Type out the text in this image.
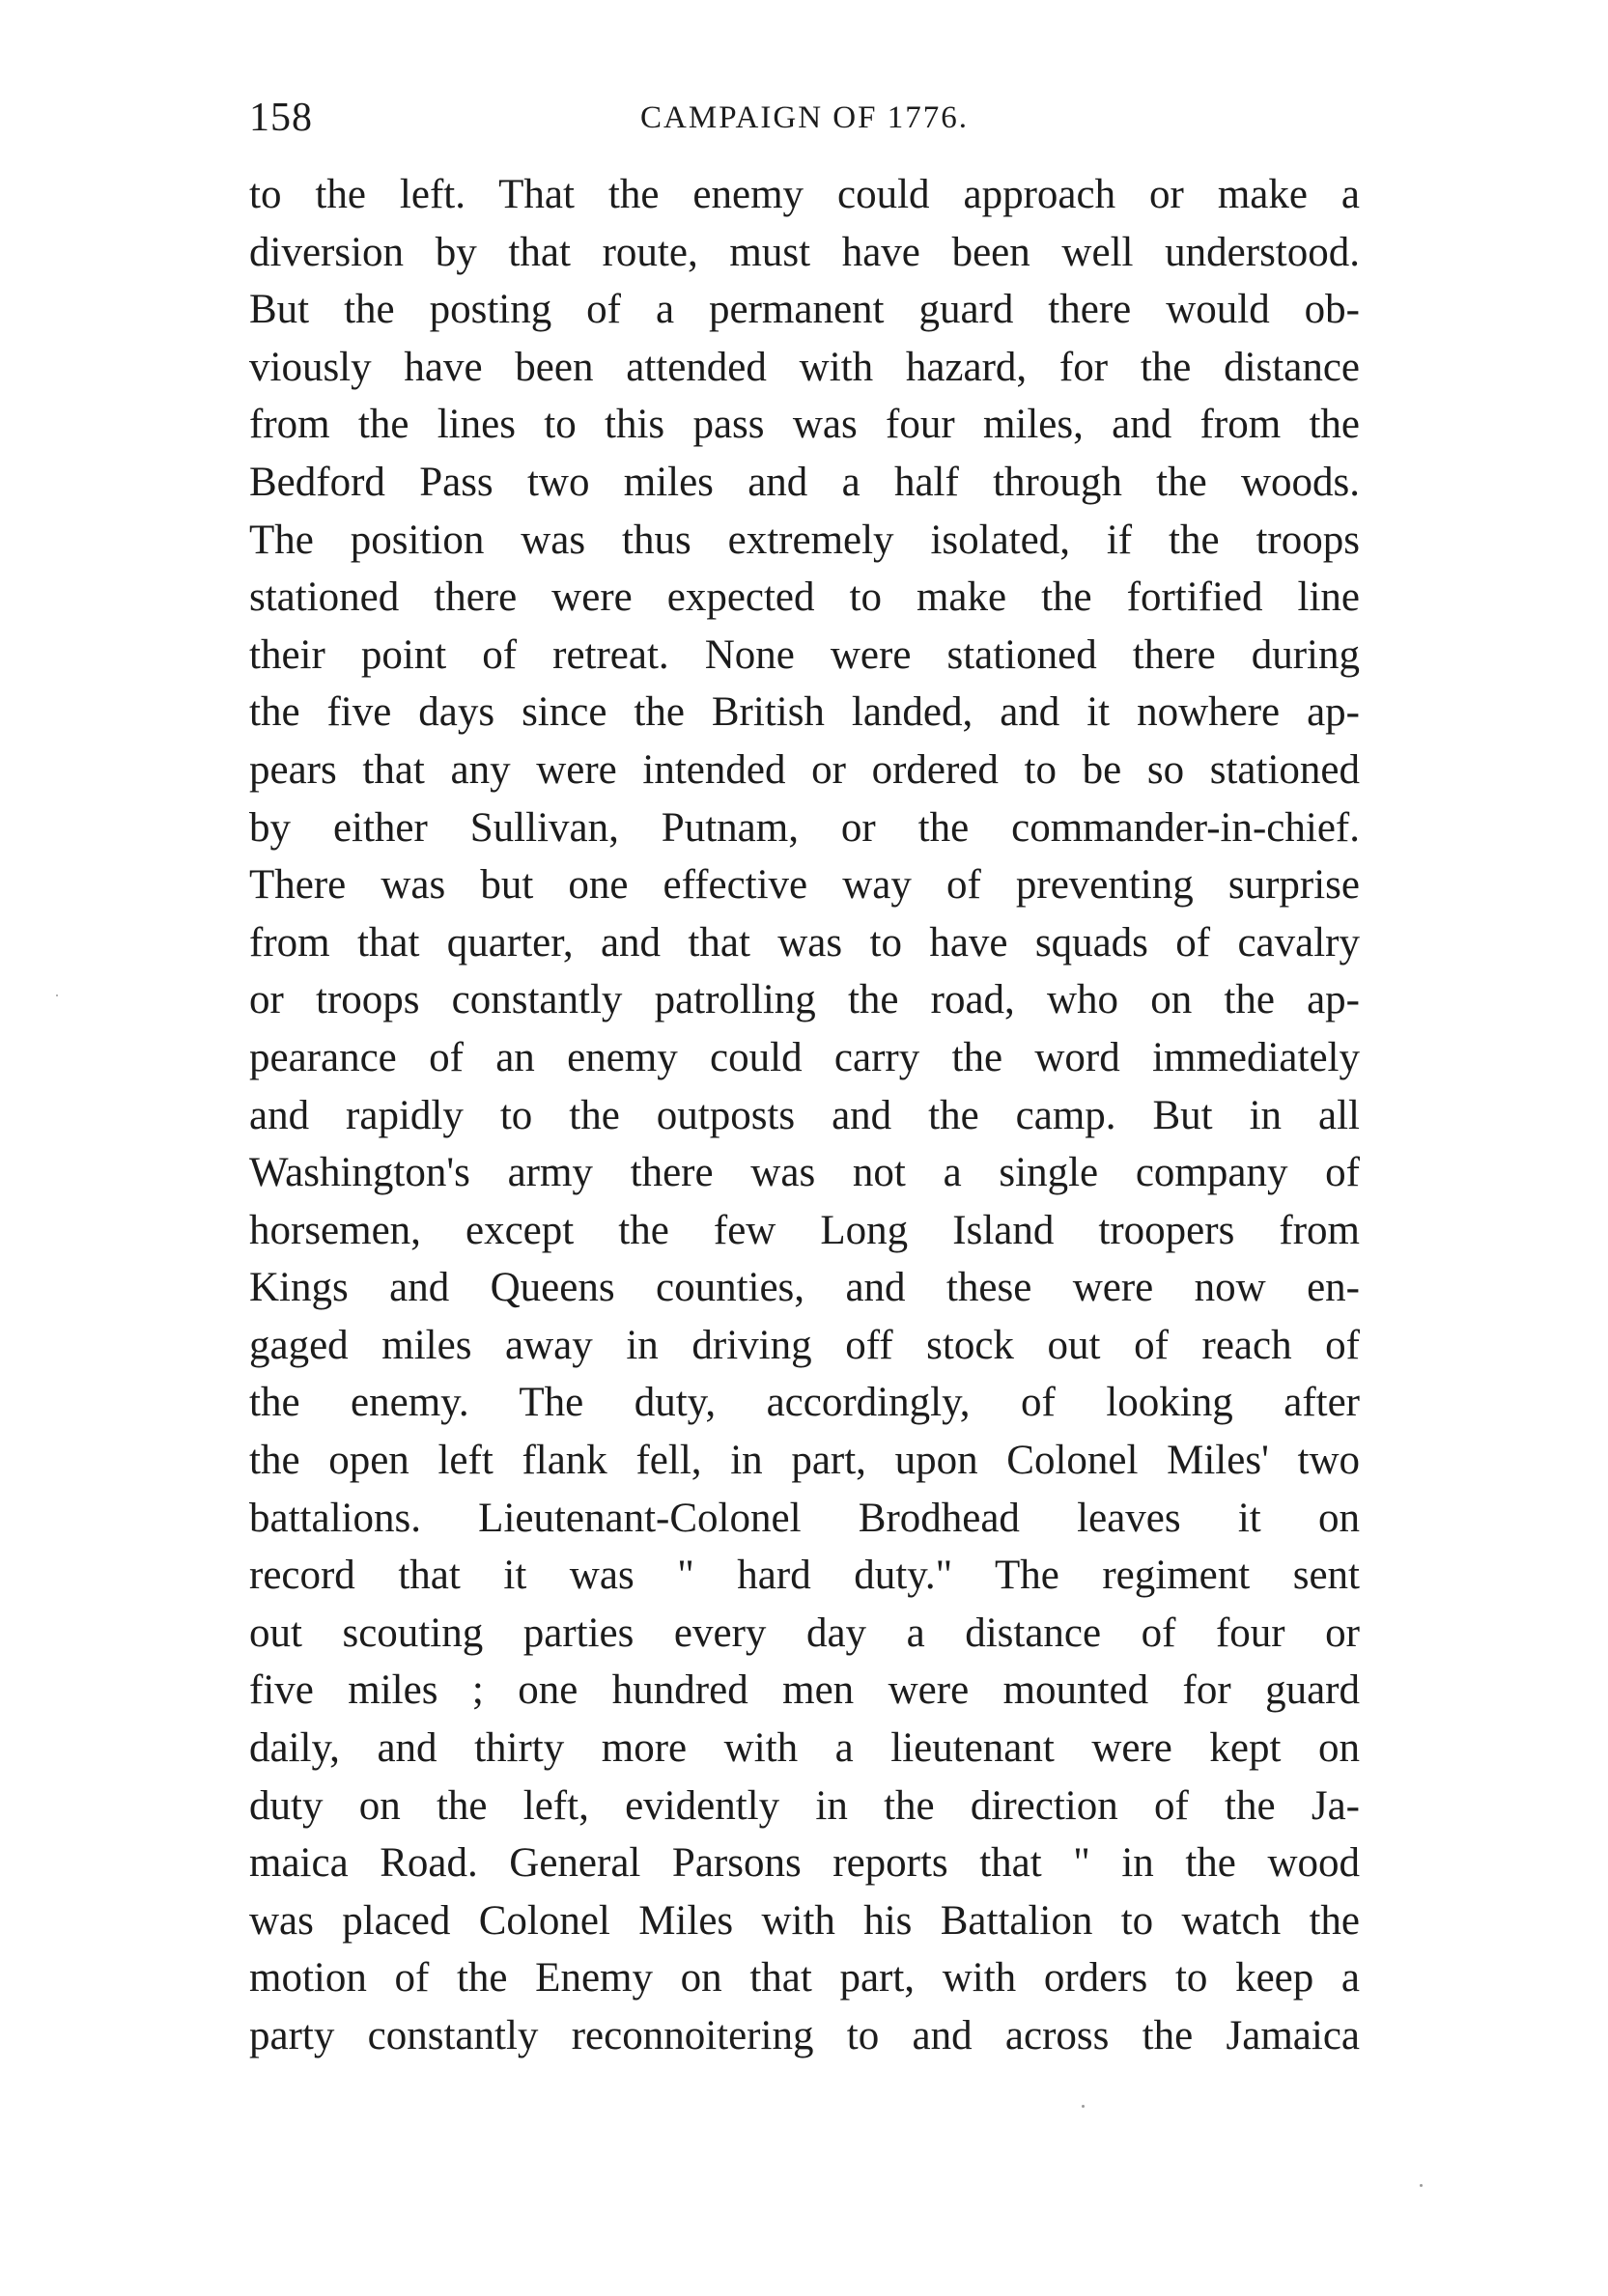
CAMPAIGN OF 1776.
158
to the left. That the enemy could approach or make a
diversion by that route, must have been well understood.
But the posting of a permanent guard there would ob-
viously have been attended with hazard, for the distance
from the lines to this pass was four miles, and from the
Bedford Pass two miles and a half through the woods.
The position was thus extremely isolated, if the troops
stationed there were expected to make the fortified line
their point of retreat. None were stationed there during
the five days since the British landed, and it nowhere ap-
pears that any were intended or ordered to be so stationed
by either Sullivan, Putnam, or the commander-in-chief.
There was but one effective way of preventing surprise
from that quarter, and that was to have squads of cavalry
or troops constantly patrolling the road, who on the ap-
pearance of an enemy could carry the word immediately
and rapidly to the outposts and the camp. But in all
Washington's army there was not a single company of
horsemen, except the few Long Island troopers from
Kings and Queens counties, and these were now en-
gaged miles away in driving off stock out of reach of
the enemy. The duty, accordingly, of looking after
the open left flank fell, in part, upon Colonel Miles' two
battalions. Lieutenant-Colonel Brodhead leaves it on
record that it was " hard duty." The regiment sent
out scouting parties every day a distance of four or
five miles ; one hundred men were mounted for guard
daily, and thirty more with a lieutenant were kept on
duty on the left, evidently in the direction of the Ja-
maica Road. General Parsons reports that " in the wood
was placed Colonel Miles with his Battalion to watch the
motion of the Enemy on that part, with orders to keep a
party constantly reconnoitering to and across the Jamaica
